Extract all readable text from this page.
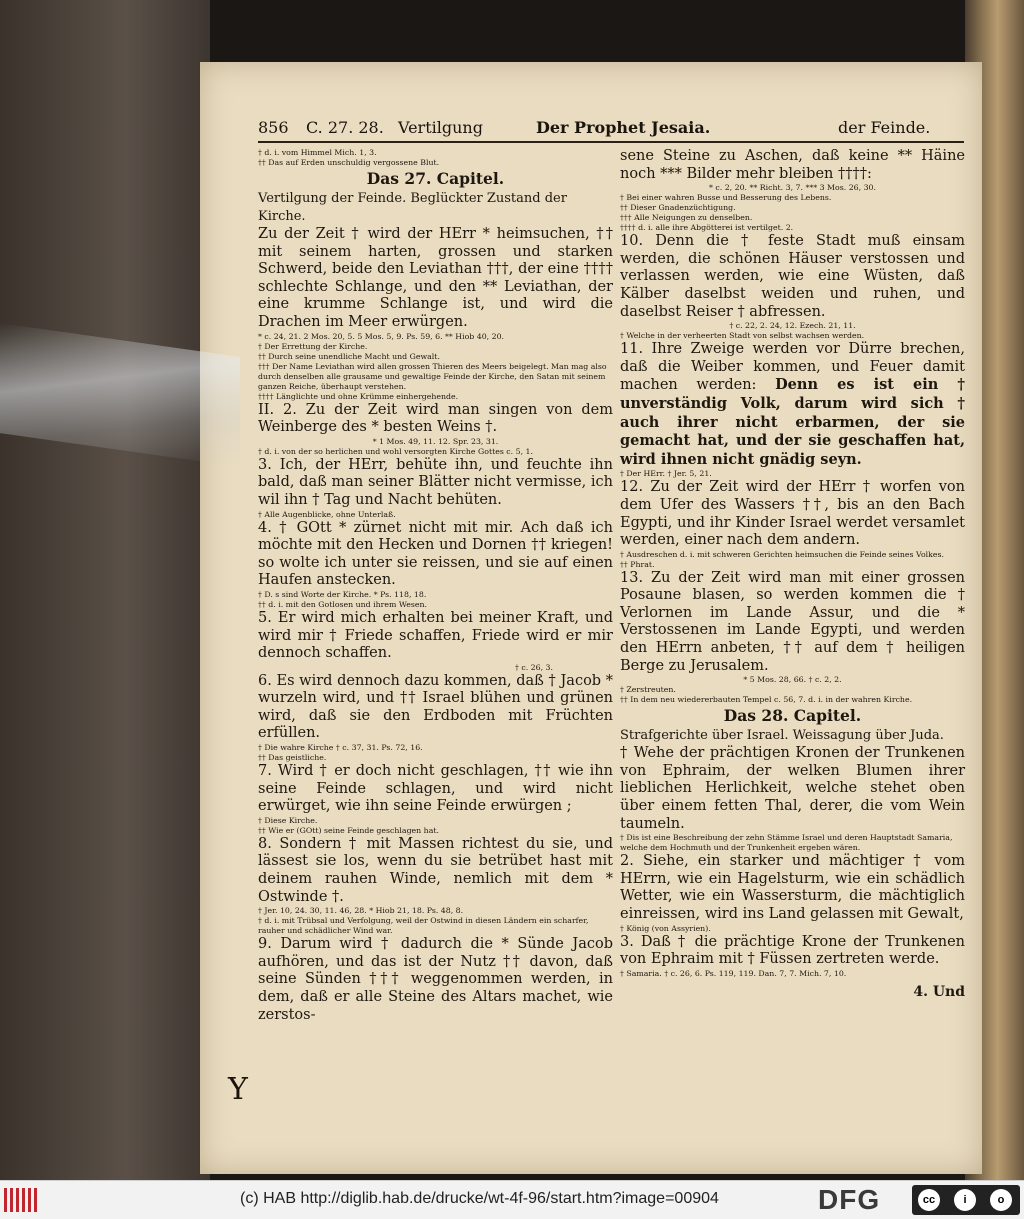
856 C. 27. 28. Vertilgung	Der Prophet Jesaia.	der Feinde.

† d. i. vom Himmel Mich. 1, 3.

†† Das auf Erden unschuldig vergossene Blut.

Das 27. Capitel.

Vertilgung der Feinde. Beglückter Zustand der Kirche.

Zu der Zeit † wird der HErr * heimsuchen, †† mit seinem harten, grossen und starken Schwerd, beide den Leviathan †††, der eine †††† schlechte Schlange, und den ** Leviathan, der eine krumme Schlange ist, und wird die Drachen im Meer erwürgen.

* c. 24, 21. 2 Mos. 20, 5. 5 Mos. 5, 9. Ps. 59, 6. ** Hiob 40, 20.

† Der Errettung der Kirche.

†† Durch seine unendliche Macht und Gewalt.

††† Der Name Leviathan wird allen grossen Thieren des Meers beigelegt. Man mag also durch denselben alle grausame und gewaltige Feinde der Kirche, den Satan mit seinem ganzen Reiche, überhaupt verstehen.

†††† Länglichte und ohne Krümme einhergehende.

II. 2. Zu der Zeit wird man singen von dem Weinberge des * besten Weins †.

* 1 Mos. 49, 11. 12. Spr. 23, 31.

† d. i. von der so herlichen und wohl versorgten Kirche Gottes c. 5, 1.

3. Ich, der HErr, behüte ihn, und feuchte ihn bald, daß man seiner Blätter nicht vermisse, ich wil ihn † Tag und Nacht behüten.

† Alle Augenblicke, ohne Unterlaß.

4. † GOtt * zürnet nicht mit mir. Ach daß ich möchte mit den Hecken und Dornen †† kriegen! so wolte ich unter sie reissen, und sie auf einen Haufen anstecken.

† D. s sind Worte der Kirche. * Ps. 118, 18.

†† d. i. mit den Gotlosen und ihrem Wesen.

5. Er wird mich erhalten bei meiner Kraft, und wird mir † Friede schaffen, Friede wird er mir dennoch schaffen.

† c. 26, 3.

6. Es wird dennoch dazu kommen, daß † Jacob * wurzeln wird, und †† Israel blühen und grünen wird, daß sie den Erdboden mit Früchten erfüllen.

† Die wahre Kirche † c. 37, 31. Ps. 72, 16.

†† Das geistliche.

7. Wird † er doch nicht geschlagen, †† wie ihn seine Feinde schlagen, und wird nicht erwürget, wie ihn seine Feinde erwürgen ;

† Diese Kirche.

†† Wie er (GOtt) seine Feinde geschlagen hat.

8. Sondern † mit Massen richtest du sie, und lässest sie los, wenn du sie betrübet hast mit deinem rauhen Winde, nemlich mit dem * Ostwinde †.

† Jer. 10, 24. 30, 11. 46, 28. * Hiob 21, 18. Ps. 48, 8.

† d. i. mit Trübsal und Verfolgung, weil der Ostwind in diesen Ländern ein scharfer, rauher und schädlicher Wind war.

9. Darum wird † dadurch die * Sünde Jacob aufhören, und das ist der Nutz †† davon, daß seine Sünden ††† weggenommen werden, in dem, daß er alle Steine des Altars machet, wie zerstos-

sene Steine zu Aschen, daß keine ** Häine noch *** Bilder mehr bleiben ††††:

* c. 2, 20. ** Richt. 3, 7. *** 3 Mos. 26, 30.

† Bei einer wahren Busse und Besserung des Lebens.

†† Dieser Gnadenzüchtigung.

††† Alle Neigungen zu denselben.

†††† d. i. alle ihre Abgötterei ist vertilget. 2.

10. Denn die † feste Stadt muß einsam werden, die schönen Häuser verstossen und verlassen werden, wie eine Wüsten, daß Kälber daselbst weiden und ruhen, und daselbst Reiser † abfressen.

† c. 22, 2. 24, 12. Ezech. 21, 11.

† Welche in der verheerten Stadt von selbst wachsen werden.

11. Ihre Zweige werden vor Dürre brechen, daß die Weiber kommen, und Feuer damit machen werden: Denn es ist ein † unverständig Volk, darum wird sich † auch ihrer nicht erbarmen, der sie gemacht hat, und der sie geschaffen hat, wird ihnen nicht gnädig seyn.

† Der HErr. † Jer. 5, 21.

12. Zu der Zeit wird der HErr † worfen von dem Ufer des Wassers ††, bis an den Bach Egypti, und ihr Kinder Israel werdet versamlet werden, einer nach dem andern.

† Ausdreschen d. i. mit schweren Gerichten heimsuchen die Feinde seines Volkes.

†† Phrat.

13. Zu der Zeit wird man mit einer grossen Posaune blasen, so werden kommen die † Verlornen im Lande Assur, und die * Verstossenen im Lande Egypti, und werden den HErrn anbeten, †† auf dem † heiligen Berge zu Jerusalem.

* 5 Mos. 28, 66. † c. 2, 2.

† Zerstreuten.

†† In dem neu wiedererbauten Tempel c. 56, 7. d. i. in der wahren Kirche.

Das 28. Capitel.

Strafgerichte über Israel. Weissagung über Juda.

† Wehe der prächtigen Kronen der Trunkenen von Ephraim, der welken Blumen ihrer lieblichen Herlichkeit, welche stehet oben über einem fetten Thal, derer, die vom Wein taumeln.

† Dis ist eine Beschreibung der zehn Stämme Israel und deren Hauptstadt Samaria, welche dem Hochmuth und der Trunkenheit ergeben wären.

2. Siehe, ein starker und mächtiger † vom HErrn, wie ein Hagelsturm, wie ein schädlich Wetter, wie ein Wassersturm, die mächtiglich einreissen, wird ins Land gelassen mit Gewalt,

† König (von Assyrien).

3. Daß † die prächtige Krone der Trunkenen von Ephraim mit † Füssen zertreten werde.

† Samaria. † c. 26, 6. Ps. 119, 119. Dan. 7, 7. Mich. 7, 10.

4. Und

Y
(c) HAB http://diglib.hab.de/drucke/wt-4f-96/start.htm?image=00904	DFG	cc	i	o
